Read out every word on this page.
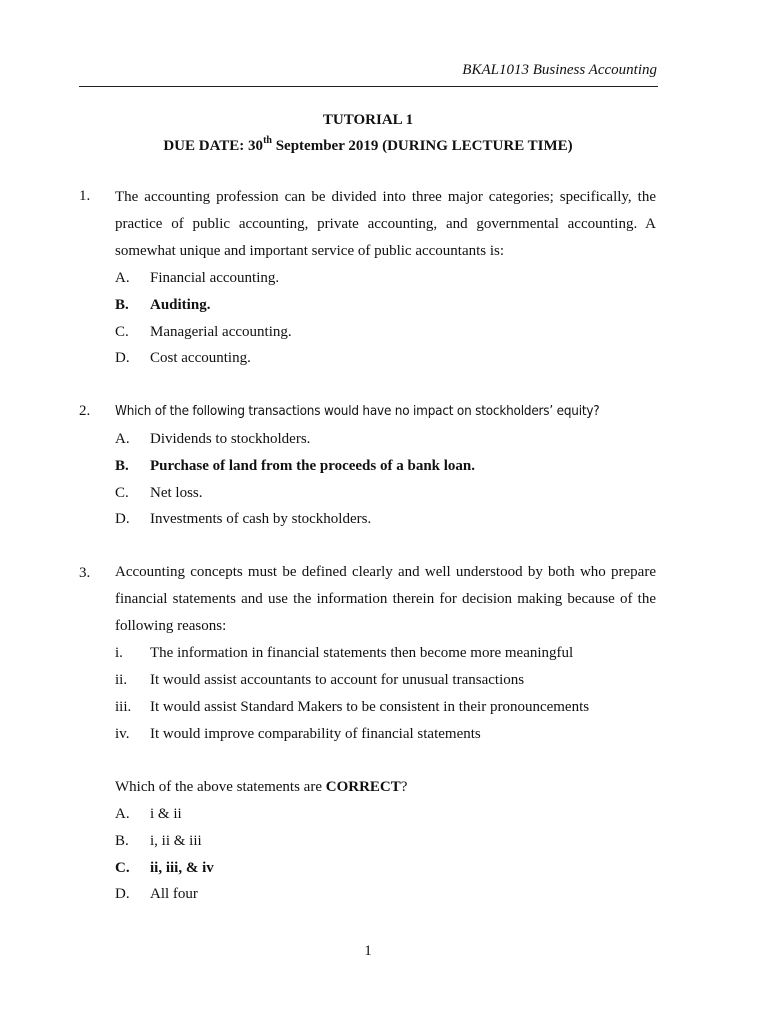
BKAL1013 Business Accounting
TUTORIAL 1
DUE DATE: 30th September 2019 (DURING LECTURE TIME)
1. The accounting profession can be divided into three major categories; specifically, the practice of public accounting, private accounting, and governmental accounting. A somewhat unique and important service of public accountants is:
A. Financial accounting.
B. Auditing.
C. Managerial accounting.
D. Cost accounting.
2. Which of the following transactions would have no impact on stockholders’ equity?
A. Dividends to stockholders.
B. Purchase of land from the proceeds of a bank loan.
C. Net loss.
D. Investments of cash by stockholders.
3. Accounting concepts must be defined clearly and well understood by both who prepare financial statements and use the information therein for decision making because of the following reasons:
i. The information in financial statements then become more meaningful
ii. It would assist accountants to account for unusual transactions
iii. It would assist Standard Makers to be consistent in their pronouncements
iv. It would improve comparability of financial statements
Which of the above statements are CORRECT?
A. i & ii
B. i, ii & iii
C. ii, iii, & iv
D. All four
1
